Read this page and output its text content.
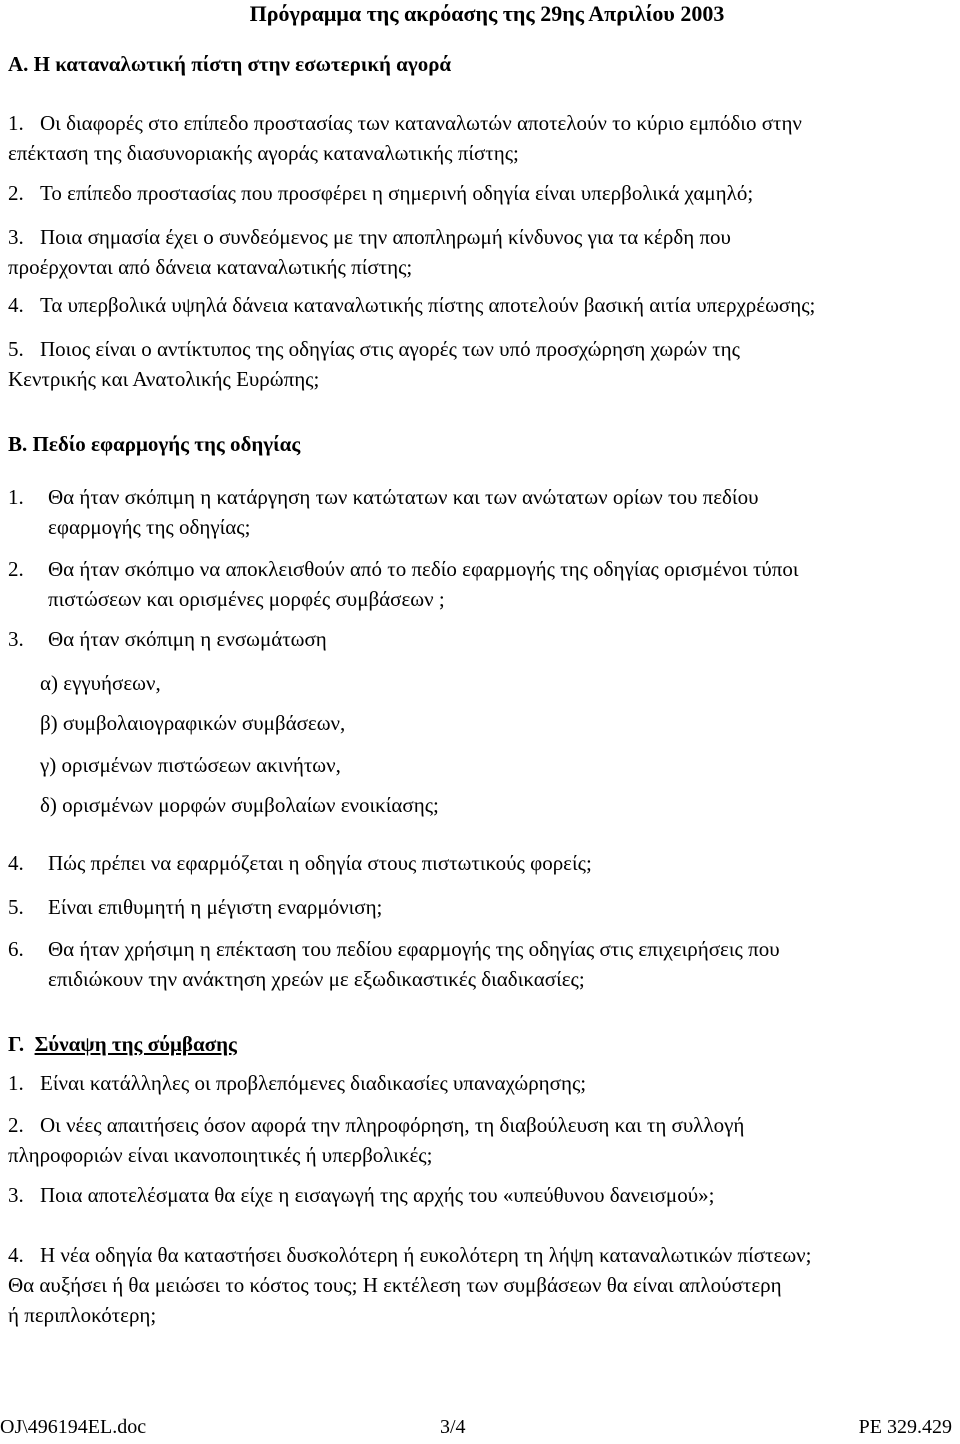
Πρόγραμμα της ακρόασης της 29ης Απριλίου 2003
Α. Η καταναλωτική πίστη στην εσωτερική αγορά
1. Οι διαφορές στο επίπεδο προστασίας των καταναλωτών αποτελούν το κύριο εμπόδιο στην
επέκταση της διασυνοριακής αγοράς καταναλωτικής πίστης;
2. Το επίπεδο προστασίας που προσφέρει η σημερινή οδηγία είναι υπερβολικά χαμηλό;
3. Ποια σημασία έχει ο συνδεόμενος με την αποπληρωμή κίνδυνος για τα κέρδη που
προέρχονται από δάνεια καταναλωτικής πίστης;
4. Τα υπερβολικά υψηλά δάνεια καταναλωτικής πίστης αποτελούν βασική αιτία υπερχρέωσης;
5. Ποιος είναι ο αντίκτυπος της οδηγίας στις αγορές των υπό προσχώρηση χωρών της
Κεντρικής και Ανατολικής Ευρώπης;
Β. Πεδίο εφαρμογής της οδηγίας
1.	Θα ήταν σκόπιμη η κατάργηση των κατώτατων και των ανώτατων ορίων του πεδίου
εφαρμογής της οδηγίας;
2.	Θα ήταν σκόπιμο να αποκλεισθούν από το πεδίο εφαρμογής της οδηγίας ορισμένοι τύποι
πιστώσεων και ορισμένες μορφές συμβάσεων ;
3.	Θα ήταν σκόπιμη η ενσωμάτωση
α) εγγυήσεων,
β) συμβολαιογραφικών συμβάσεων,
γ) ορισμένων πιστώσεων ακινήτων,
δ) ορισμένων μορφών συμβολαίων ενοικίασης;
4.	Πώς πρέπει να εφαρμόζεται η οδηγία στους πιστωτικούς φορείς;
5.	Είναι επιθυμητή η μέγιστη εναρμόνιση;
6.	Θα ήταν χρήσιμη η επέκταση του πεδίου εφαρμογής της οδηγίας στις επιχειρήσεις που
επιδιώκουν την ανάκτηση χρεών με εξωδικαστικές διαδικασίες;
Γ. Σύναψη της σύμβασης
1. Είναι κατάλληλες οι προβλεπόμενες διαδικασίες υπαναχώρησης;
2. Οι νέες απαιτήσεις όσον αφορά την πληροφόρηση, τη διαβούλευση και τη συλλογή
πληροφοριών είναι ικανοποιητικές ή υπερβολικές;
3. Ποια αποτελέσματα θα είχε η εισαγωγή της αρχής του «υπεύθυνου δανεισμού»;
4. Η νέα οδηγία θα καταστήσει δυσκολότερη ή ευκολότερη τη λήψη καταναλωτικών πίστεων;
Θα αυξήσει ή θα μειώσει το κόστος τους; Η εκτέλεση των συμβάσεων θα είναι απλούστερη
ή περιπλοκότερη;
OJ\496194EL.doc	3/4	PE 329.429
